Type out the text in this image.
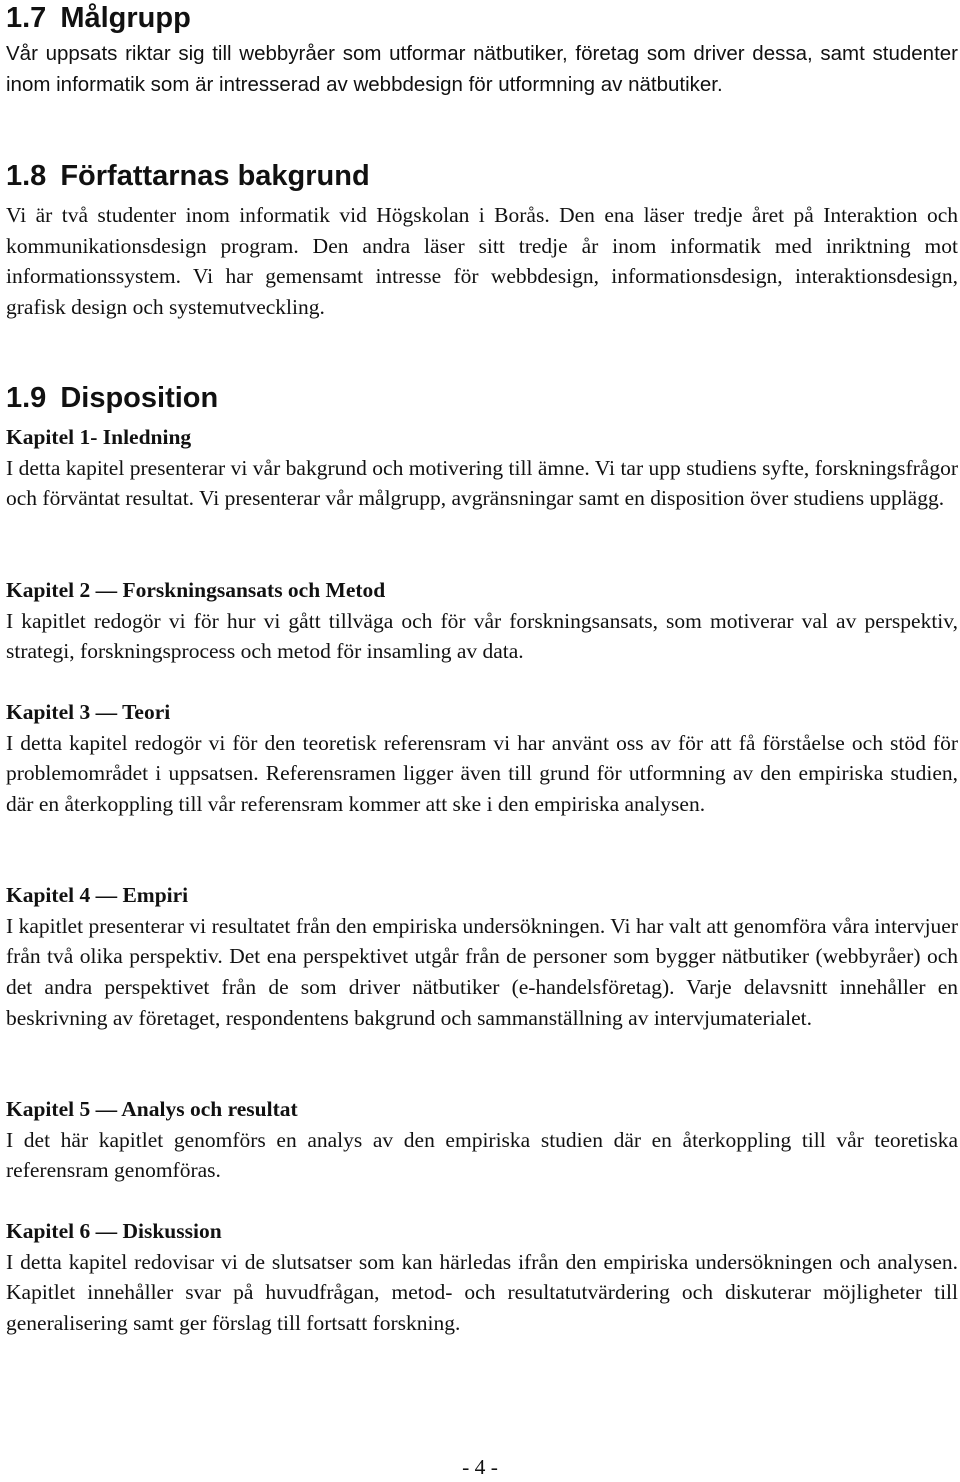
1.7 Målgrupp

Vår uppsats riktar sig till webbyråer som utformar nätbutiker, företag som driver dessa, samt studenter inom informatik som är intresserad av webbdesign för utformning av nätbutiker.

1.8 Författarnas bakgrund

Vi är två studenter inom informatik vid Högskolan i Borås. Den ena läser tredje året på Interaktion och kommunikationsdesign program. Den andra läser sitt tredje år inom informatik med inriktning mot informationssystem. Vi har gemensamt intresse för webbdesign, informationsdesign, interaktionsdesign, grafisk design och systemutveckling.

1.9 Disposition
Kapitel 1- Inledning

I detta kapitel presenterar vi vår bakgrund och motivering till ämne. Vi tar upp studiens syfte, forskningsfrågor och förväntat resultat. Vi presenterar vår målgrupp, avgränsningar samt en disposition över studiens upplägg.

Kapitel 2 — Forskningsansats och Metod

I kapitlet redogör vi för hur vi gått tillväga och för vår forskningsansats, som motiverar val av perspektiv, strategi, forskningsprocess och metod för insamling av data.

Kapitel 3 — Teori

I detta kapitel redogör vi för den teoretisk referensram vi har använt oss av för att få förståelse och stöd för problemområdet i uppsatsen. Referensramen ligger även till grund för utformning av den empiriska studien, där en återkoppling till vår referensram kommer att ske i den empiriska analysen.

Kapitel 4 — Empiri

I kapitlet presenterar vi resultatet från den empiriska undersökningen. Vi har valt att genomföra våra intervjuer från två olika perspektiv. Det ena perspektivet utgår från de personer som bygger nätbutiker (webbyråer) och det andra perspektivet från de som driver nätbutiker (e-handelsföretag). Varje delavsnitt innehåller en beskrivning av företaget, respondentens bakgrund och sammanställning av intervjumaterialet.

Kapitel 5 — Analys och resultat

I det här kapitlet genomförs en analys av den empiriska studien där en återkoppling till vår teoretiska referensram genomföras.

Kapitel 6 — Diskussion

I detta kapitel redovisar vi de slutsatser som kan härledas ifrån den empiriska undersökningen och analysen. Kapitlet innehåller svar på huvudfrågan, metod- och resultatutvärdering och diskuterar möjligheter till generalisering samt ger förslag till fortsatt forskning.

- 4 -
